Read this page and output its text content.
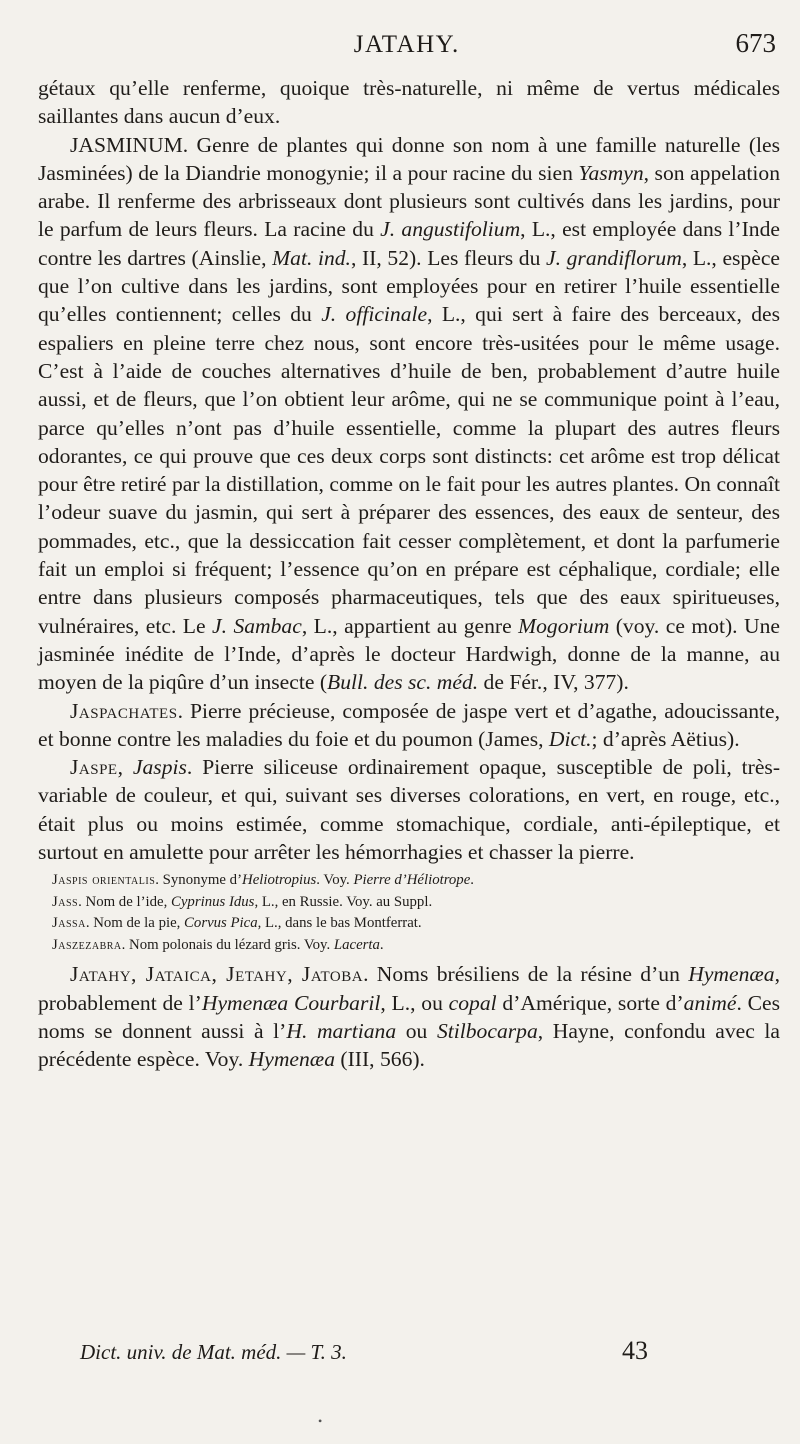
JATAHY.	673

gétaux qu’elle renferme, quoique très-naturelle, ni même de vertus médicales saillantes dans aucun d’eux.

JASMINUM. Genre de plantes qui donne son nom à une famille naturelle (les Jasminées) de la Diandrie monogynie; il a pour racine du sien Yasmyn, son appelation arabe. Il renferme des arbrisseaux dont plusieurs sont cultivés dans les jardins, pour le parfum de leurs fleurs. La racine du J. angustifolium, L., est employée dans l’Inde contre les dartres (Ainslie, Mat. ind., II, 52). Les fleurs du J. grandiflorum, L., espèce que l’on cultive dans les jardins, sont employées pour en retirer l’huile essentielle qu’elles contiennent; celles du J. officinale, L., qui sert à faire des berceaux, des espaliers en pleine terre chez nous, sont encore très-usitées pour le même usage. C’est à l’aide de couches alternatives d’huile de ben, probablement d’autre huile aussi, et de fleurs, que l’on obtient leur arôme, qui ne se communique point à l’eau, parce qu’elles n’ont pas d’huile essentielle, comme la plupart des autres fleurs odorantes, ce qui prouve que ces deux corps sont distincts: cet arôme est trop délicat pour être retiré par la distillation, comme on le fait pour les autres plantes. On connaît l’odeur suave du jasmin, qui sert à préparer des essences, des eaux de senteur, des pommades, etc., que la dessiccation fait cesser complètement, et dont la parfumerie fait un emploi si fréquent; l’essence qu’on en prépare est céphalique, cordiale; elle entre dans plusieurs composés pharmaceutiques, tels que des eaux spiritueuses, vulnéraires, etc. Le J. Sambac, L., appartient au genre Mogorium (voy. ce mot). Une jasminée inédite de l’Inde, d’après le docteur Hardwigh, donne de la manne, au moyen de la piqûre d’un insecte (Bull. des sc. méd. de Fér., IV, 377).

Jaspachates. Pierre précieuse, composée de jaspe vert et d’agathe, adoucissante, et bonne contre les maladies du foie et du poumon (James, Dict.; d’après Aëtius).

Jaspe, Jaspis. Pierre siliceuse ordinairement opaque, susceptible de poli, très-variable de couleur, et qui, suivant ses diverses colorations, en vert, en rouge, etc., était plus ou moins estimée, comme stomachique, cordiale, anti-épileptique, et surtout en amulette pour arrêter les hémorrhagies et chasser la pierre.

Jaspis orientalis. Synonyme d’Heliotropius. Voy. Pierre d’Héliotrope.

Jass. Nom de l’ide, Cyprinus Idus, L., en Russie. Voy. au Suppl.

Jassa. Nom de la pie, Corvus Pica, L., dans le bas Montferrat.

Jaszezabra. Nom polonais du lézard gris. Voy. Lacerta.

Jatahy, Jataica, Jetahy, Jatoba. Noms brésiliens de la résine d’un Hymenæa, probablement de l’Hymenæa Courbaril, L., ou copal d’Amérique, sorte d’animé. Ces noms se donnent aussi à l’H. martiana ou Stilbocarpa, Hayne, confondu avec la précédente espèce. Voy. Hymenæa (III, 566).

Dict. univ. de Mat. méd. — T. 3.	43
•
